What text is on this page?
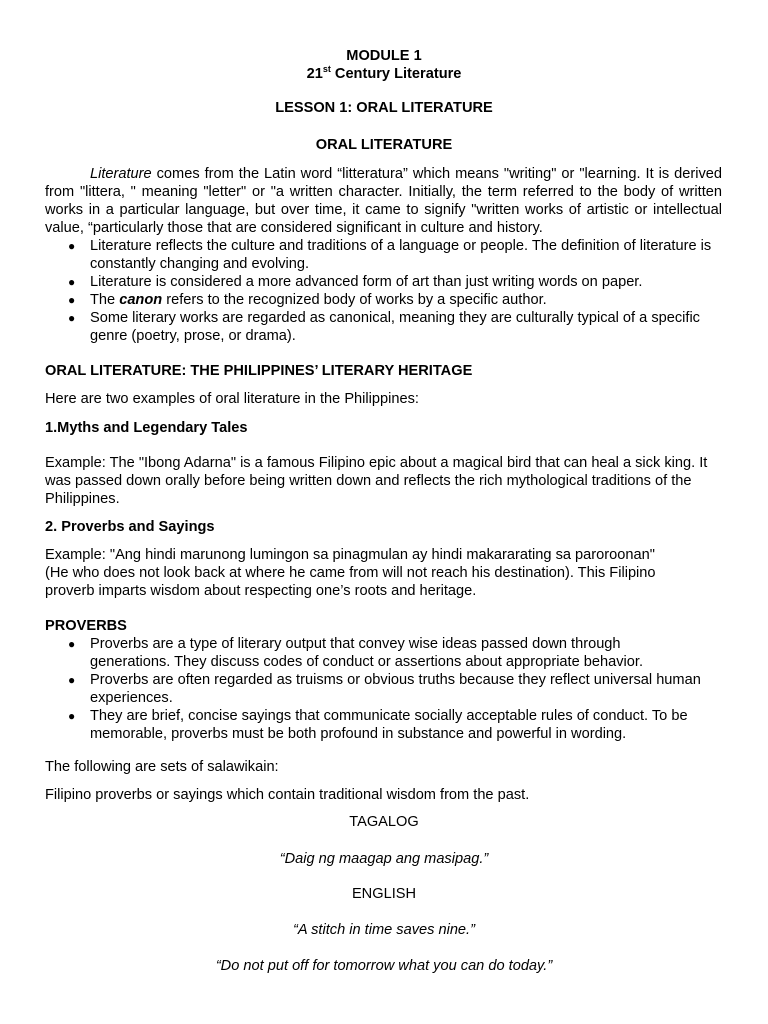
MODULE 1
21st Century Literature
LESSON 1: ORAL LITERATURE
ORAL LITERATURE
Literature comes from the Latin word “litteratura” which means "writing" or "learning. It is derived from "littera, " meaning "letter" or "a written character. Initially, the term referred to the body of written works in a particular language, but over time, it came to signify "written works of artistic or intellectual value, “particularly those that are considered significant in culture and history.
● Literature reflects the culture and traditions of a language or people. The definition of literature is constantly changing and evolving.
● Literature is considered a more advanced form of art than just writing words on paper.
● The canon refers to the recognized body of works by a specific author.
● Some literary works are regarded as canonical, meaning they are culturally typical of a specific genre (poetry, prose, or drama).
ORAL LITERATURE: THE PHILIPPINES’ LITERARY HERITAGE
Here are two examples of oral literature in the Philippines:
1.Myths and Legendary Tales
Example: The "Ibong Adarna" is a famous Filipino epic about a magical bird that can heal a sick king. It was passed down orally before being written down and reflects the rich mythological traditions of the Philippines.
2. Proverbs and Sayings
Example: "Ang hindi marunong lumingon sa pinagmulan ay hindi makararating sa paroroonan"
(He who does not look back at where he came from will not reach his destination). This Filipino proverb imparts wisdom about respecting one’s roots and heritage.
PROVERBS
● Proverbs are a type of literary output that convey wise ideas passed down through generations. They discuss codes of conduct or assertions about appropriate behavior.
● Proverbs are often regarded as truisms or obvious truths because they reflect universal human experiences.
● They are brief, concise sayings that communicate socially acceptable rules of conduct. To be memorable, proverbs must be both profound in substance and powerful in wording.
The following are sets of salawikain:
Filipino proverbs or sayings which contain traditional wisdom from the past.
TAGALOG
“Daig ng maagap ang masipag.”
ENGLISH
“A stitch in time saves nine.”
“Do not put off for tomorrow what you can do today.”
